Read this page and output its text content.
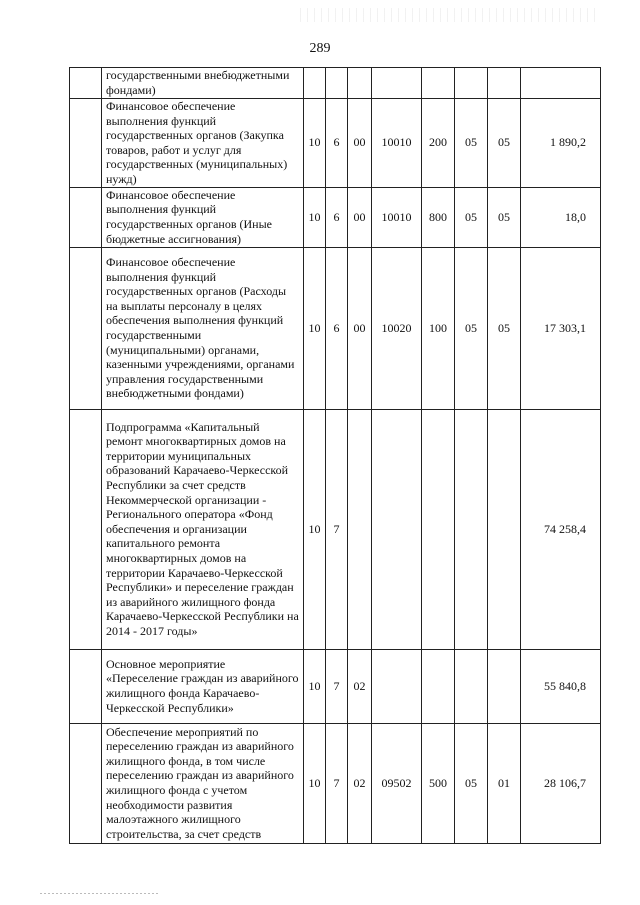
289
	государственными внебюджетными фондами)								
	Финансовое обеспечение выполнения функций государственных органов (Закупка товаров, работ и услуг для государственных (муниципальных) нужд)	10	6	00	10010	200	05	05	1 890,2
	Финансовое обеспечение выполнения функций государственных органов (Иные бюджетные ассигнования)	10	6	00	10010	800	05	05	18,0
	Финансовое обеспечение выполнения функций государственных органов (Расходы на выплаты персоналу в целях обеспечения выполнения функций государственными (муниципальными) органами, казенными учреждениями, органами управления государственными внебюджетными фондами)	10	6	00	10020	100	05	05	17 303,1
	Подпрограмма «Капитальный ремонт многоквартирных домов на территории муниципальных образований Карачаево-Черкесской Республики за счет средств Некоммерческой организации - Регионального оператора «Фонд обеспечения и организации капитального ремонта многоквартирных домов на территории Карачаево-Черкесской Республики» и переселение граждан из аварийного жилищного фонда Карачаево-Черкесской Республики на 2014 - 2017 годы»	10	7						74 258,4
	Основное мероприятие «Переселение граждан из аварийного жилищного фонда Карачаево-Черкесской Республики»	10	7	02					55 840,8
	Обеспечение мероприятий по переселению граждан из аварийного жилищного фонда, в том числе переселению граждан из аварийного жилищного фонда с учетом необходимости развития малоэтажного жилищного строительства, за счет средств	10	7	02	09502	500	05	01	28 106,7
